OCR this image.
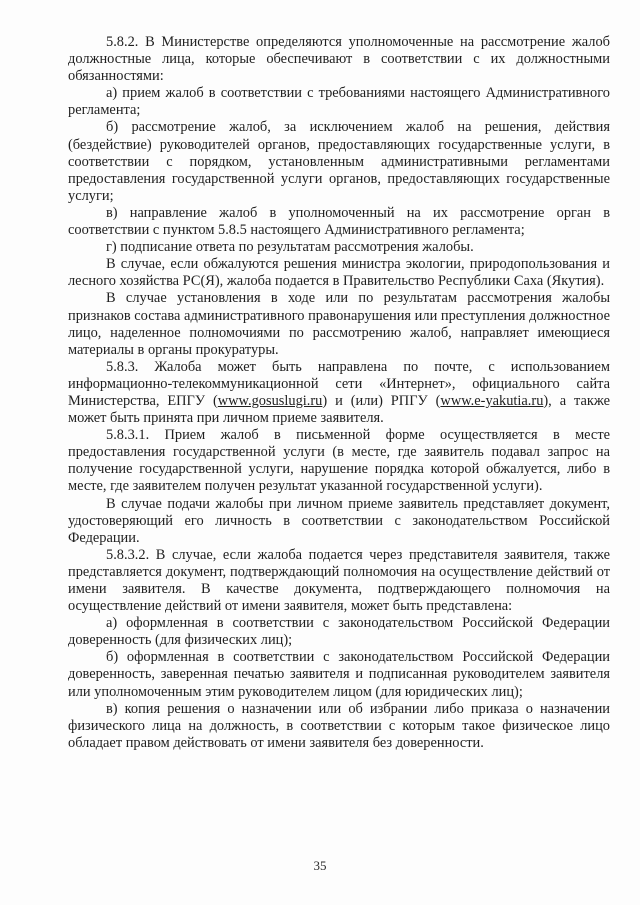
5.8.2. В Министерстве определяются уполномоченные на рассмотрение жалоб должностные лица, которые обеспечивают в соответствии с их должностными обязанностями:

а) прием жалоб в соответствии с требованиями настоящего Административного регламента;

б) рассмотрение жалоб, за исключением жалоб на решения, действия (бездействие) руководителей органов, предоставляющих государственные услуги, в соответствии с порядком, установленным административными регламентами предоставления государственной услуги органов, предоставляющих государственные услуги;

в) направление жалоб в уполномоченный на их рассмотрение орган в соответствии с пунктом 5.8.5 настоящего Административного регламента;

г) подписание ответа по результатам рассмотрения жалобы.

В случае, если обжалуются решения министра экологии, природопользования и лесного хозяйства РС(Я), жалоба подается в Правительство Республики Саха (Якутия).

В случае установления в ходе или по результатам рассмотрения жалобы признаков состава административного правонарушения или преступления должностное лицо, наделенное полномочиями по рассмотрению жалоб, направляет имеющиеся материалы в органы прокуратуры.

5.8.3. Жалоба может быть направлена по почте, с использованием информационно-телекоммуникационной сети «Интернет», официального сайта Министерства, ЕПГУ (www.gosuslugi.ru) и (или) РПГУ (www.e-yakutia.ru), а также может быть принята при личном приеме заявителя.

5.8.3.1. Прием жалоб в письменной форме осуществляется в месте предоставления государственной услуги (в месте, где заявитель подавал запрос на получение государственной услуги, нарушение порядка которой обжалуется, либо в месте, где заявителем получен результат указанной государственной услуги).

В случае подачи жалобы при личном приеме заявитель представляет документ, удостоверяющий его личность в соответствии с законодательством Российской Федерации.

5.8.3.2. В случае, если жалоба подается через представителя заявителя, также представляется документ, подтверждающий полномочия на осуществление действий от имени заявителя. В качестве документа, подтверждающего полномочия на осуществление действий от имени заявителя, может быть представлена:

а) оформленная в соответствии с законодательством Российской Федерации доверенность (для физических лиц);

б) оформленная в соответствии с законодательством Российской Федерации доверенность, заверенная печатью заявителя и подписанная руководителем заявителя или уполномоченным этим руководителем лицом (для юридических лиц);

в) копия решения о назначении или об избрании либо приказа о назначении физического лица на должность, в соответствии с которым такое физическое лицо обладает правом действовать от имени заявителя без доверенности.

35
